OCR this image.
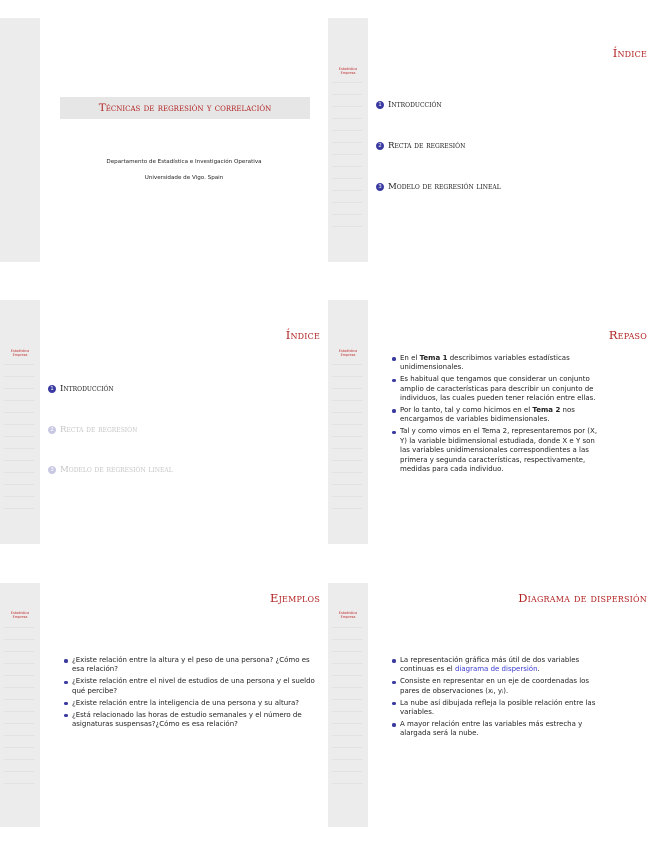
Técnicas de regresión y correlación
Departamento de Estadística e Investigación Operativa
Universidade de Vigo. Spain
Estadística
Empresa
Índice
1 Introducción
2 Recta de regresión
3 Modelo de regresión lineal
Estadística
Empresa
Índice
1 Introducción
2 Recta de regresión
3 Modelo de regresión lineal
Estadística
Empresa
Repaso
En el Tema 1 describimos variables estadísticas unidimensionales.
Es habitual que tengamos que considerar un conjunto amplio de características para describir un conjunto de individuos, las cuales pueden tener relación entre ellas.
Por lo tanto, tal y como hicimos en el Tema 2 nos encargamos de variables bidimensionales.
Tal y como vimos en el Tema 2, representaremos por (X, Y) la variable bidimensional estudiada, donde X e Y son las variables unidimensionales correspondientes a las primera y segunda características, respectivamente, medidas para cada individuo.
Estadística
Empresa
Ejemplos
¿Existe relación entre la altura y el peso de una persona? ¿Cómo es esa relación?
¿Existe relación entre el nivel de estudios de una persona y el sueldo qué percibe?
¿Existe relación entre la inteligencia de una persona y su altura?
¿Está relacionado las horas de estudio semanales y el número de asignaturas suspensas?¿Cómo es esa relación?
Estadística
Empresa
Diagrama de dispersión
La representación gráfica más útil de dos variables continuas es el diagrama de dispersión.
Consiste en representar en un eje de coordenadas los pares de observaciones (xᵢ, yᵢ).
La nube así dibujada refleja la posible relación entre las variables.
A mayor relación entre las variables más estrecha y alargada será la nube.
